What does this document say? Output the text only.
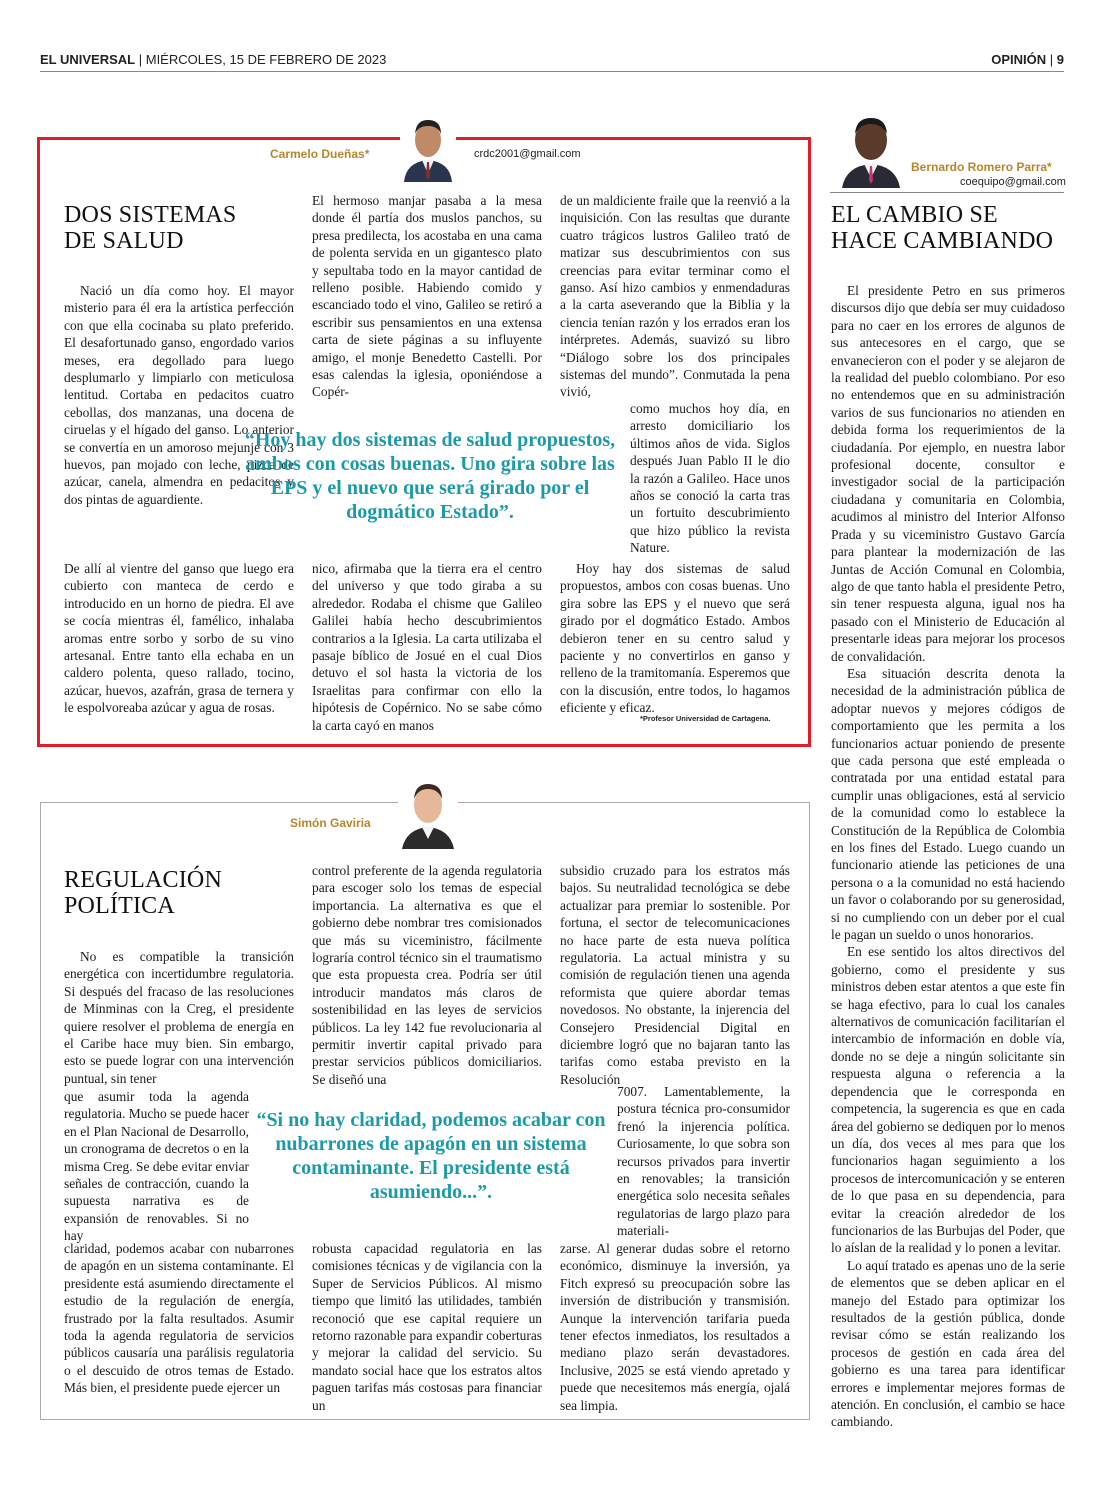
EL UNIVERSAL | MIÉRCOLES, 15 DE FEBRERO DE 2023	OPINIÓN | 9
Carmelo Dueñas*	crdc2001@gmail.com
DOS SISTEMAS DE SALUD

Nació un día como hoy. El mayor misterio para él era la artística perfección con que ella cocinaba su plato preferido. El desafortunado ganso, engordado varios meses, era degollado para luego desplumarlo y limpiarlo con meticulosa lentitud. Cortaba en pedacitos cuatro cebollas, dos manzanas, una docena de ciruelas y el hígado del ganso. Lo anterior se convertía en un amoroso mejunje con 3 huevos, pan mojado con leche, pizca de azúcar, canela, almendra en pedacitos y dos pintas de aguardiente.

De allí al vientre del ganso que luego era cubierto con manteca de cerdo e introducido en un horno de piedra. El ave se cocía mientras él, famélico, inhalaba aromas entre sorbo y sorbo de su vino artesanal. Entre tanto ella echaba en un caldero polenta, queso rallado, tocino, azúcar, huevos, azafrán, grasa de ternera y le espolvoreaba azúcar y agua de rosas.

El hermoso manjar pasaba a la mesa donde él partía dos muslos panchos, su presa predilecta, los acostaba en una cama de polenta servida en un gigantesco plato y sepultaba todo en la mayor cantidad de relleno posible. Habiendo comido y escanciado todo el vino, Galileo se retiró a escribir sus pensamientos en una extensa carta de siete páginas a su influyente amigo, el monje Benedetto Castelli. Por esas calendas la iglesia, oponiéndose a Copér-

nico, afirmaba que la tierra era el centro del universo y que todo giraba a su alrededor. Rodaba el chisme que Galileo Galilei había hecho descubrimientos contrarios a la Iglesia. La carta utilizaba el pasaje bíblico de Josué en el cual Dios detuvo el sol hasta la victoria de los Israelitas para confirmar con ello la hipótesis de Copérnico. No se sabe cómo la carta cayó en manos

de un maldiciente fraile que la reenvió a la inquisición. Con las resultas que durante cuatro trágicos lustros Galileo trató de matizar sus descubrimientos con sus creencias para evitar terminar como el ganso. Así hizo cambios y enmendaduras a la carta aseverando que la Biblia y la ciencia tenían razón y los errados eran los intérpretes. Además, suavizó su libro “Diálogo sobre los dos principales sistemas del mundo”. Conmutada la pena vivió,

como muchos hoy día, en arresto domiciliario los últimos años de vida. Siglos después Juan Pablo II le dio la razón a Galileo. Hace unos años se conoció la carta tras un fortuito descubrimiento que hizo público la revista Nature.

Hoy hay dos sistemas de salud propuestos, ambos con cosas buenas. Uno gira sobre las EPS y el nuevo que será girado por el dogmático Estado. Ambos debieron tener en su centro salud y paciente y no convertirlos en ganso y relleno de la tramitomanía. Esperemos que con la discusión, entre todos, lo hagamos eficiente y eficaz.

“Hoy hay dos sistemas de salud propuestos, ambos con cosas buenas. Uno gira sobre las EPS y el nuevo que será girado por el dogmático Estado”.
*Profesor Universidad de Cartagena.
Simón Gaviria
REGULACIÓN POLÍTICA

No es compatible la transición energética con incertidumbre regulatoria. Si después del fracaso de las resoluciones de Minminas con la Creg, el presidente quiere resolver el problema de energía en el Caribe hace muy bien. Sin embargo, esto se puede lograr con una intervención puntual, sin tener

que asumir toda la agenda regulatoria. Mucho se puede hacer en el Plan Nacional de Desarrollo, un cronograma de decretos o en la misma Creg. Se debe evitar enviar señales de contracción, cuando la supuesta narrativa es de expansión de renovables. Si no hay

claridad, podemos acabar con nubarrones de apagón en un sistema contaminante. El presidente está asumiendo directamente el estudio de la regulación de energía, frustrado por la falta resultados. Asumir toda la agenda regulatoria de servicios públicos causaría una parálisis regulatoria o el descuido de otros temas de Estado. Más bien, el presidente puede ejercer un

control preferente de la agenda regulatoria para escoger solo los temas de especial importancia. La alternativa es que el gobierno debe nombrar tres comisionados que más su viceministro, fácilmente lograría control técnico sin el traumatismo que esta propuesta crea. Podría ser útil introducir mandatos más claros de sostenibilidad en las leyes de servicios públicos. La ley 142 fue revolucionaria al permitir invertir capital privado para prestar servicios públicos domiciliarios. Se diseñó una

robusta capacidad regulatoria en las comisiones técnicas y de vigilancia con la Super de Servicios Públicos. Al mismo tiempo que limitó las utilidades, también reconoció que ese capital requiere un retorno razonable para expandir coberturas y mejorar la calidad del servicio. Su mandato social hace que los estratos altos paguen tarifas más costosas para financiar un

subsidio cruzado para los estratos más bajos. Su neutralidad tecnológica se debe actualizar para premiar lo sostenible. Por fortuna, el sector de telecomunicaciones no hace parte de esta nueva política regulatoria. La actual ministra y su comisión de regulación tienen una agenda reformista que quiere abordar temas novedosos. No obstante, la injerencia del Consejero Presidencial Digital en diciembre logró que no bajaran tanto las tarifas como estaba previsto en la Resolución

7007. Lamentablemente, la postura técnica pro-consumidor frenó la injerencia política. Curiosamente, lo que sobra son recursos privados para invertir en renovables; la transición energética solo necesita señales regulatorias de largo plazo para materiali-

zarse. Al generar dudas sobre el retorno económico, disminuye la inversión, ya Fitch expresó su preocupación sobre las inversión de distribución y transmisión. Aunque la intervención tarifaria pueda tener efectos inmediatos, los resultados a mediano plazo serán devastadores. Inclusive, 2025 se está viendo apretado y puede que necesitemos más energía, ojalá sea limpia.

“Si no hay claridad, podemos acabar con nubarrones de apagón en un sistema contaminante. El presidente está asumiendo...”.
Bernardo Romero Parra*
coequipo@gmail.com
EL CAMBIO SE HACE CAMBIANDO

El presidente Petro en sus primeros discursos dijo que debía ser muy cuidadoso para no caer en los errores de algunos de sus antecesores en el cargo, que se envanecieron con el poder y se alejaron de la realidad del pueblo colombiano. Por eso no entendemos que en su administración varios de sus funcionarios no atienden en debida forma los requerimientos de la ciudadanía. Por ejemplo, en nuestra labor profesional docente, consultor e investigador social de la participación ciudadana y comunitaria en Colombia, acudimos al ministro del Interior Alfonso Prada y su viceministro Gustavo García para plantear la modernización de las Juntas de Acción Comunal en Colombia, algo de que tanto habla el presidente Petro, sin tener respuesta alguna, igual nos ha pasado con el Ministerio de Educación al presentarle ideas para mejorar los procesos de convalidación.

Esa situación descrita denota la necesidad de la administración pública de adoptar nuevos y mejores códigos de comportamiento que les permita a los funcionarios actuar poniendo de presente que cada persona que esté empleada o contratada por una entidad estatal para cumplir unas obligaciones, está al servicio de la comunidad como lo establece la Constitución de la República de Colombia en los fines del Estado. Luego cuando un funcionario atiende las peticiones de una persona o a la comunidad no está haciendo un favor o colaborando por su generosidad, si no cumpliendo con un deber por el cual le pagan un sueldo o unos honorarios.

En ese sentido los altos directivos del gobierno, como el presidente y sus ministros deben estar atentos a que este fin se haga efectivo, para lo cual los canales alternativos de comunicación facilitarían el intercambio de información en doble vía, donde no se deje a ningún solicitante sin respuesta alguna o referencia a la dependencia que le corresponda en competencia, la sugerencia es que en cada área del gobierno se dediquen por lo menos un día, dos veces al mes para que los funcionarios hagan seguimiento a los procesos de intercomunicación y se enteren de lo que pasa en su dependencia, para evitar la creación alrededor de los funcionarios de las Burbujas del Poder, que lo aíslan de la realidad y lo ponen a levitar.

Lo aquí tratado es apenas uno de la serie de elementos que se deben aplicar en el manejo del Estado para optimizar los resultados de la gestión pública, donde revisar cómo se están realizando los procesos de gestión en cada área del gobierno es una tarea para identificar errores e implementar mejores formas de atención. En conclusión, el cambio se hace cambiando.
